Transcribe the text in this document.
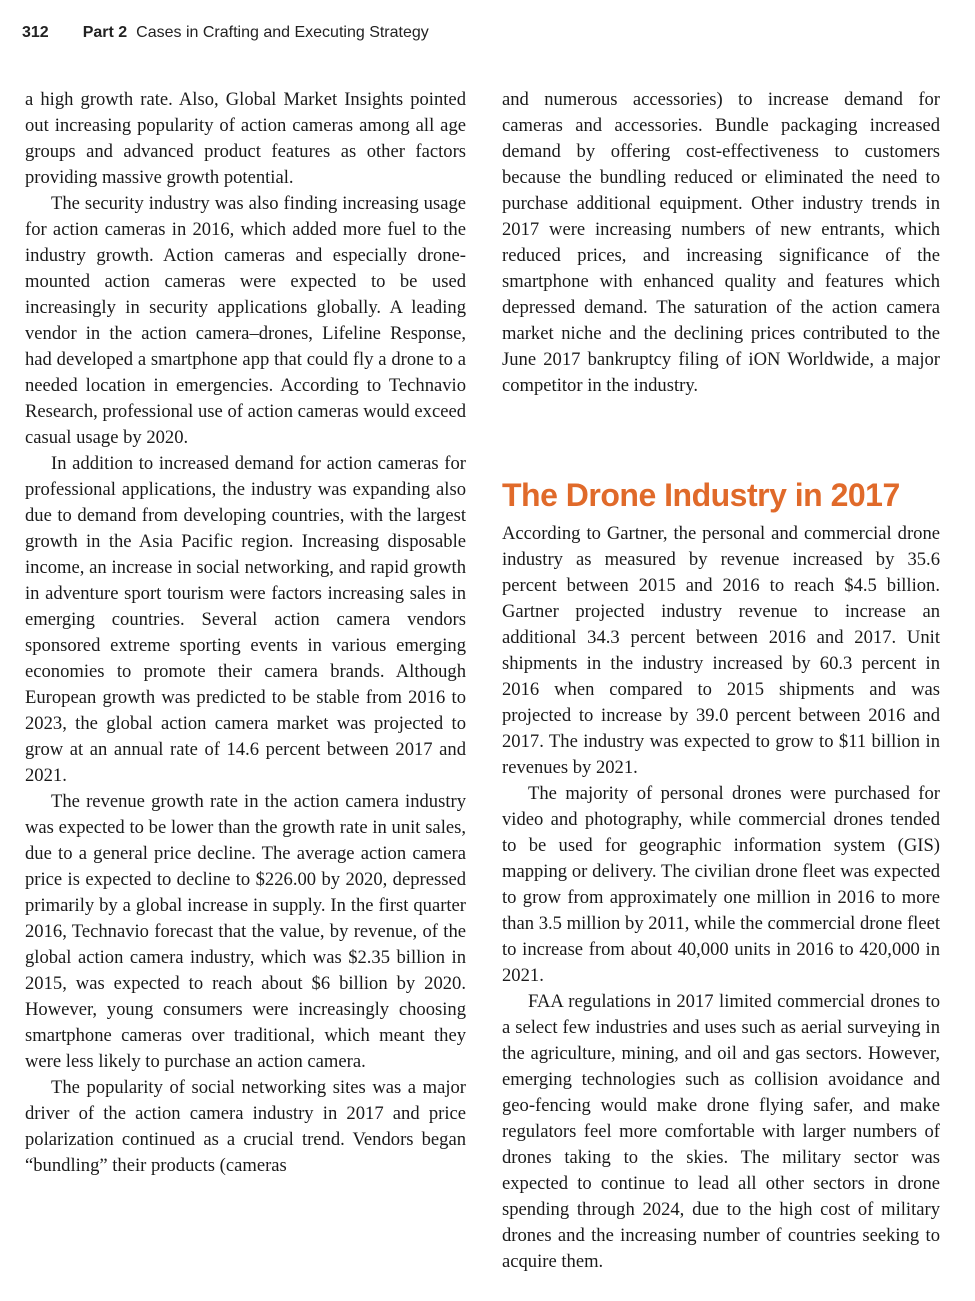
312 Part 2 Cases in Crafting and Executing Strategy

a high growth rate. Also, Global Market Insights pointed out increasing popularity of action cameras among all age groups and advanced product features as other factors providing massive growth potential.

The security industry was also finding increasing usage for action cameras in 2016, which added more fuel to the industry growth. Action cameras and especially drone-mounted action cameras were expected to be used increasingly in security applications globally. A leading vendor in the action camera–drones, Lifeline Response, had developed a smartphone app that could fly a drone to a needed location in emergencies. According to Technavio Research, professional use of action cameras would exceed casual usage by 2020.

In addition to increased demand for action cameras for professional applications, the industry was expanding also due to demand from developing countries, with the largest growth in the Asia Pacific region. Increasing disposable income, an increase in social networking, and rapid growth in adventure sport tourism were factors increasing sales in emerging countries. Several action camera vendors sponsored extreme sporting events in various emerging economies to promote their camera brands. Although European growth was predicted to be stable from 2016 to 2023, the global action camera market was projected to grow at an annual rate of 14.6 percent between 2017 and 2021.

The revenue growth rate in the action camera industry was expected to be lower than the growth rate in unit sales, due to a general price decline. The average action camera price is expected to decline to $226.00 by 2020, depressed primarily by a global increase in supply. In the first quarter 2016, Technavio forecast that the value, by revenue, of the global action camera industry, which was $2.35 billion in 2015, was expected to reach about $6 billion by 2020. However, young consumers were increasingly choosing smartphone cameras over traditional, which meant they were less likely to purchase an action camera.

The popularity of social networking sites was a major driver of the action camera industry in 2017 and price polarization continued as a crucial trend. Vendors began “bundling” their products (cameras

and numerous accessories) to increase demand for cameras and accessories. Bundle packaging increased demand by offering cost-effectiveness to customers because the bundling reduced or eliminated the need to purchase additional equipment. Other industry trends in 2017 were increasing numbers of new entrants, which reduced prices, and increasing significance of the smartphone with enhanced quality and features which depressed demand. The saturation of the action camera market niche and the declining prices contributed to the June 2017 bankruptcy filing of iON Worldwide, a major competitor in the industry.

The Drone Industry in 2017

According to Gartner, the personal and commercial drone industry as measured by revenue increased by 35.6 percent between 2015 and 2016 to reach $4.5 billion. Gartner projected industry revenue to increase an additional 34.3 percent between 2016 and 2017. Unit shipments in the industry increased by 60.3 percent in 2016 when compared to 2015 shipments and was projected to increase by 39.0 percent between 2016 and 2017. The industry was expected to grow to $11 billion in revenues by 2021.

The majority of personal drones were purchased for video and photography, while commercial drones tended to be used for geographic information system (GIS) mapping or delivery. The civilian drone fleet was expected to grow from approximately one million in 2016 to more than 3.5 million by 2011, while the commercial drone fleet to increase from about 40,000 units in 2016 to 420,000 in 2021.

FAA regulations in 2017 limited commercial drones to a select few industries and uses such as aerial surveying in the agriculture, mining, and oil and gas sectors. However, emerging technologies such as collision avoidance and geo-fencing would make drone flying safer, and make regulators feel more comfortable with larger numbers of drones taking to the skies. The military sector was expected to continue to lead all other sectors in drone spending through 2024, due to the high cost of military drones and the increasing number of countries seeking to acquire them.
